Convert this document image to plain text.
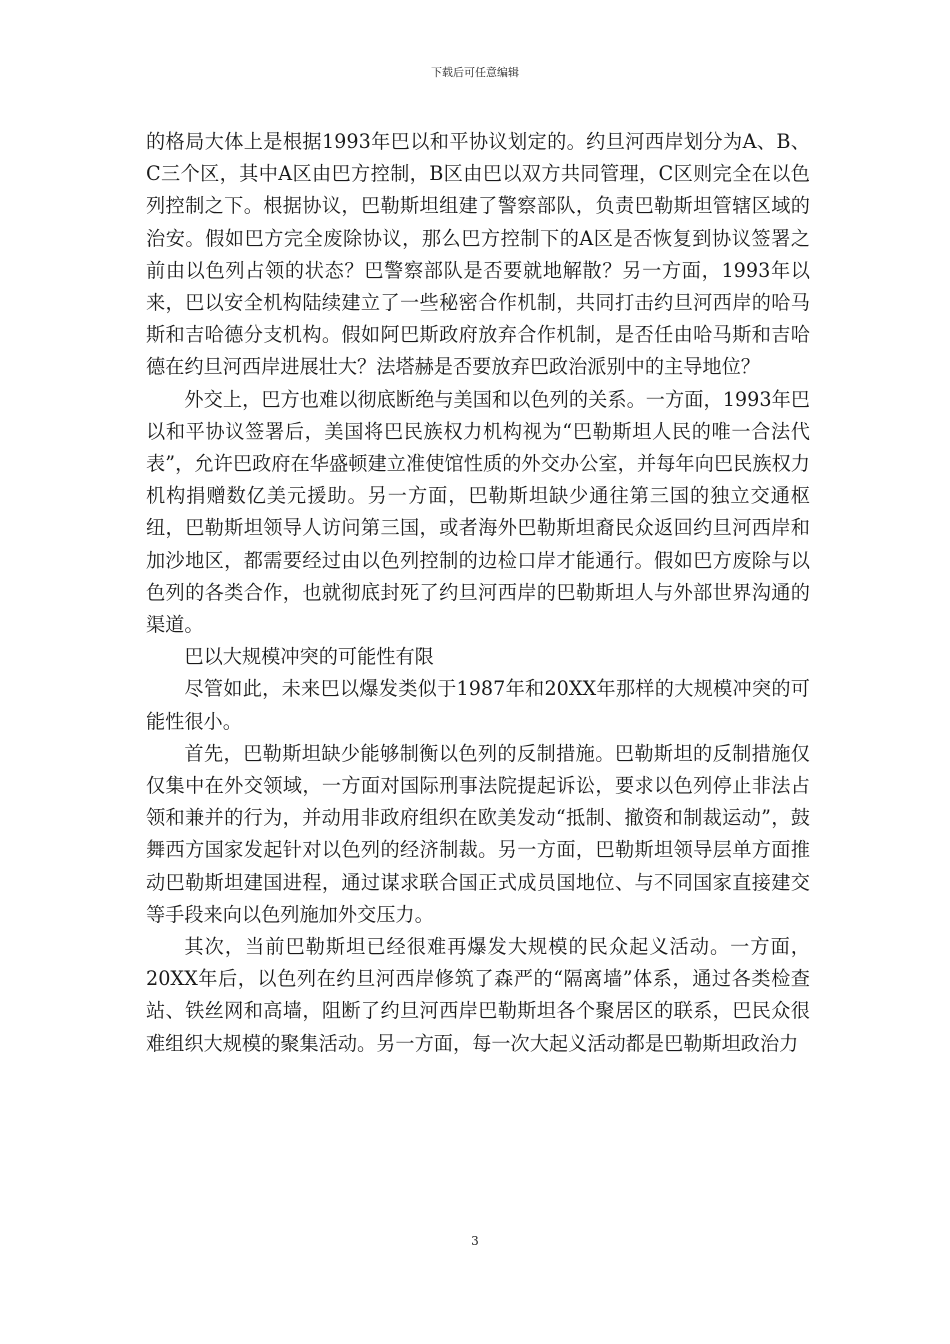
下载后可任意编辑

的格局大体上是根据1993年巴以和平协议划定的。约旦河西岸划分为A、B、C三个区，其中A区由巴方控制，B区由巴以双方共同管理，C区则完全在以色列控制之下。根据协议，巴勒斯坦组建了警察部队，负责巴勒斯坦管辖区域的治安。假如巴方完全废除协议，那么巴方控制下的A区是否恢复到协议签署之前由以色列占领的状态？巴警察部队是否要就地解散？另一方面，1993年以来，巴以安全机构陆续建立了一些秘密合作机制，共同打击约旦河西岸的哈马斯和吉哈德分支机构。假如阿巴斯政府放弃合作机制，是否任由哈马斯和吉哈德在约旦河西岸进展壮大？法塔赫是否要放弃巴政治派别中的主导地位？

外交上，巴方也难以彻底断绝与美国和以色列的关系。一方面，1993年巴以和平协议签署后，美国将巴民族权力机构视为“巴勒斯坦人民的唯一合法代表”，允许巴政府在华盛顿建立准使馆性质的外交办公室，并每年向巴民族权力机构捐赠数亿美元援助。另一方面，巴勒斯坦缺少通往第三国的独立交通枢纽，巴勒斯坦领导人访问第三国，或者海外巴勒斯坦裔民众返回约旦河西岸和加沙地区，都需要经过由以色列控制的边检口岸才能通行。假如巴方废除与以色列的各类合作，也就彻底封死了约旦河西岸的巴勒斯坦人与外部世界沟通的渠道。

巴以大规模冲突的可能性有限

尽管如此，未来巴以爆发类似于1987年和20XX年那样的大规模冲突的可能性很小。

首先，巴勒斯坦缺少能够制衡以色列的反制措施。巴勒斯坦的反制措施仅仅集中在外交领域，一方面对国际刑事法院提起诉讼，要求以色列停止非法占领和兼并的行为，并动用非政府组织在欧美发动“抵制、撤资和制裁运动”，鼓舞西方国家发起针对以色列的经济制裁。另一方面，巴勒斯坦领导层单方面推动巴勒斯坦建国进程，通过谋求联合国正式成员国地位、与不同国家直接建交等手段来向以色列施加外交压力。

其次，当前巴勒斯坦已经很难再爆发大规模的民众起义活动。一方面，20XX年后，以色列在约旦河西岸修筑了森严的“隔离墙”体系，通过各类检查站、铁丝网和高墙，阻断了约旦河西岸巴勒斯坦各个聚居区的联系，巴民众很难组织大规模的聚集活动。另一方面，每一次大起义活动都是巴勒斯坦政治力

3
